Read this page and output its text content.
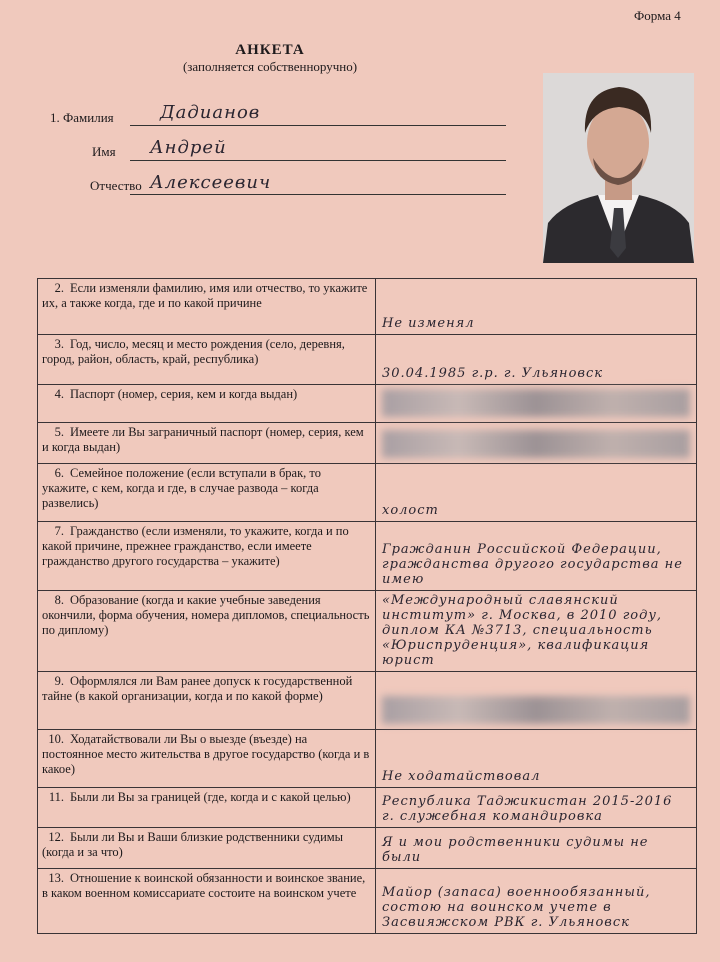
Форма 4
АНКЕТА
(заполняется собственноручно)
1. Фамилия	Дадианов
Имя Андрей
Отчество Алексеевич
2. Если изменяли фамилию, имя или отчество, то укажите их, а также когда, где и по какой причине	Не изменял

3. Год, число, месяц и место рождения (село, деревня, город, район, область, край, республика)	30.04.1985 г.р. г. Ульяновск

4. Паспорт (номер, серия, кем и когда выдан)	

5. Имеете ли Вы заграничный паспорт (номер, серия, кем и когда выдан)	

6. Семейное положение (если вступали в брак, то укажите, с кем, когда и где, в случае развода – когда развелись)	холост

7. Гражданство (если изменяли, то укажите, когда и по какой причине, прежнее гражданство, если имеете гражданство другого государства – укажите)	Гражданин Российской Федерации, гражданства другого государства не имею

8. Образование (когда и какие учебные заведения окончили, форма обучения, номера дипломов, специальность по диплому)	«Международный славянский институт» г. Москва, в 2010 году, диплом КА №3713, специальность «Юриспруденция», квалификация юрист

9. Оформлялся ли Вам ранее допуск к государственной тайне (в какой организации, когда и по какой форме)	

10. Ходатайствовали ли Вы о выезде (въезде) на постоянное место жительства в другое государство (когда и в какое)	Не ходатайствовал

11. Были ли Вы за границей (где, когда и с какой целью)	Республика Таджикистан 2015-2016 г. служебная командировка

12. Были ли Вы и Ваши близкие родственники судимы (когда и за что)	Я и мои родственники судимы не были

13. Отношение к воинской обязанности и воинское звание, в каком военном комиссариате состоите на воинском учете	Майор (запаса) военнообязанный, состою на воинском учете в Засвияжском РВК г. Ульяновск
